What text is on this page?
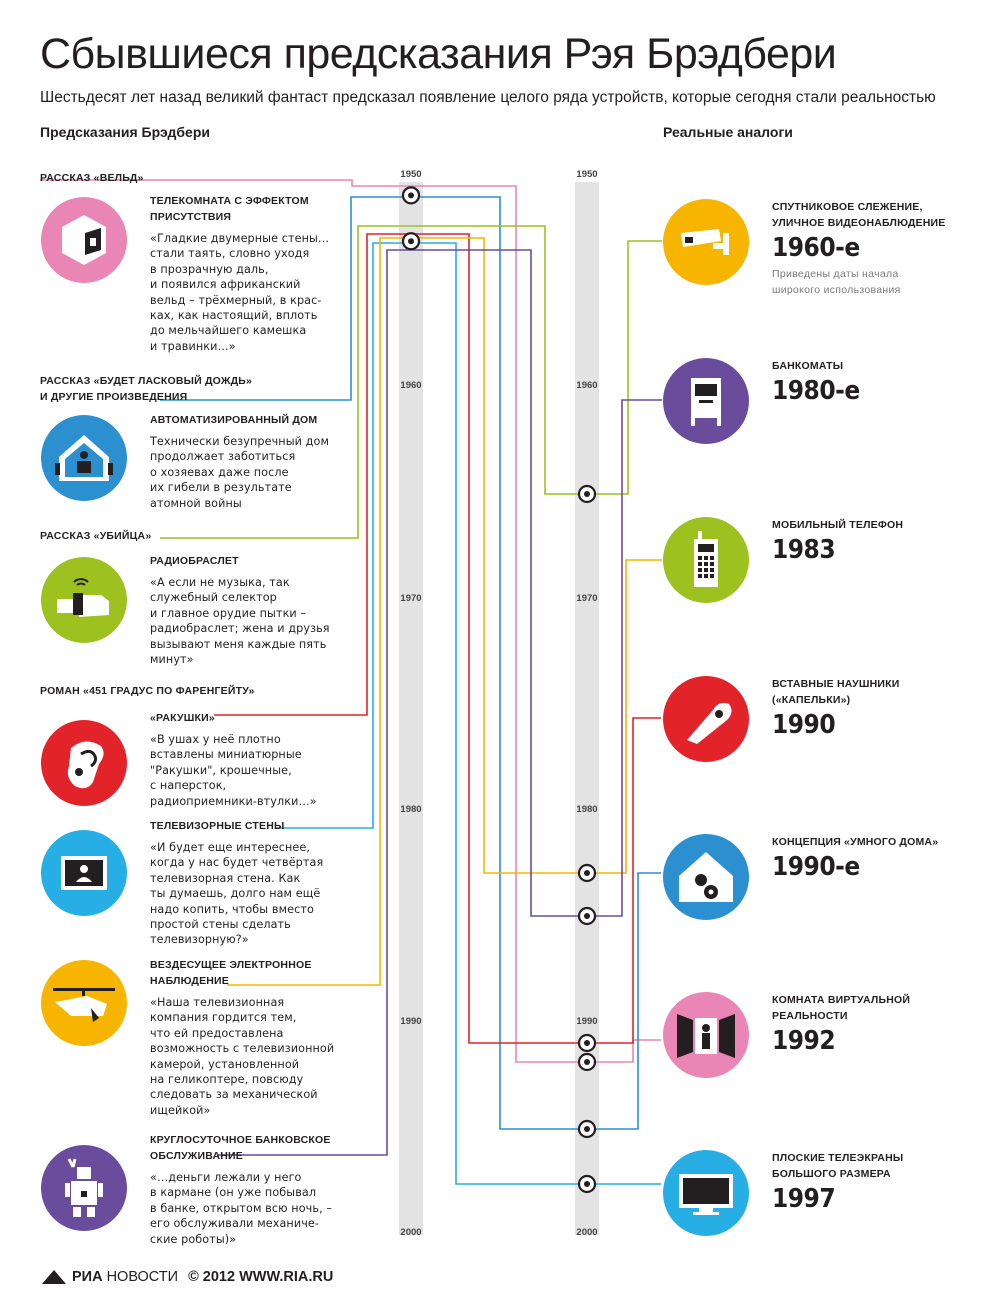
Сбывшиеся предсказания Рэя Брэдбери
Шестьдесят лет назад великий фантаст предсказал появление целого ряда устройств, которые сегодня стали реальностью
Предсказания Брэдбери	Реальные аналоги
1950	1950
1960	1960
1970	1970
1980	1980
1990	1990
2000	2000
РАССКАЗ «ВЕЛЬД»
РАССКАЗ «БУДЕТ ЛАСКОВЫЙ ДОЖДЬ»
И ДРУГИЕ ПРОИЗВЕДЕНИЯ
РАССКАЗ «УБИЙЦА»
РОМАН «451 ГРАДУС ПО ФАРЕНГЕЙТУ»
ТЕЛЕКОМНАТА С ЭФФЕКТОМ
ПРИСУТСТВИЯ
«Гладкие двумерные стены…
стали таять, словно уходя
в прозрачную даль,
и появился африканский
вельд – трёхмерный, в крас-
ках, как настоящий, вплоть
до мельчайшего камешка
и травинки…»
АВТОМАТИЗИРОВАННЫЙ ДОМ
Технически безупречный дом
продолжает заботиться
о хозяевах даже после
их гибели в результате
атомной войны
РАДИОБРАСЛЕТ
«А если не музыка, так
служебный селектор
и главное орудие пытки –
радиобраслет; жена и друзья
вызывают меня каждые пять
минут»
«РАКУШКИ»
«В ушах у неё плотно
вставлены миниатюрные
"Ракушки", крошечные,
с наперсток,
радиоприемники-втулки…»
ТЕЛЕВИЗОРНЫЕ СТЕНЫ
«И будет еще интереснее,
когда у нас будет четвёртая
телевизорная стена. Как
ты думаешь, долго нам ещё
надо копить, чтобы вместо
простой стены сделать
телевизорную?»
ВЕЗДЕСУЩЕЕ ЭЛЕКТРОННОЕ
НАБЛЮДЕНИЕ
«Наша телевизионная
компания гордится тем,
что ей предоставлена
возможность с телевизионной
камерой, установленной
на геликоптере, повсюду
следовать за механической
ищейкой»
КРУГЛОСУТОЧНОЕ БАНКОВСКОЕ
ОБСЛУЖИВАНИЕ
«…деньги лежали у него
в кармане (он уже побывал
в банке, открытом всю ночь, –
его обслуживали механиче-
ские роботы)»
СПУТНИКОВОЕ СЛЕЖЕНИЕ,
УЛИЧНОЕ ВИДЕОНАБЛЮДЕНИЕ
1960-е
Приведены даты начала
широкого использования
БАНКОМАТЫ
1980-е
МОБИЛЬНЫЙ ТЕЛЕФОН
1983
ВСТАВНЫЕ НАУШНИКИ
(«КАПЕЛЬКИ»)
1990
КОНЦЕПЦИЯ «УМНОГО ДОМА»
1990-е
КОМНАТА ВИРТУАЛЬНОЙ
РЕАЛЬНОСТИ
1992
ПЛОСКИЕ ТЕЛЕЭКРАНЫ
БОЛЬШОГО РАЗМЕРА
1997
РИА НОВОСТИ © 2012 WWW.RIA.RU
